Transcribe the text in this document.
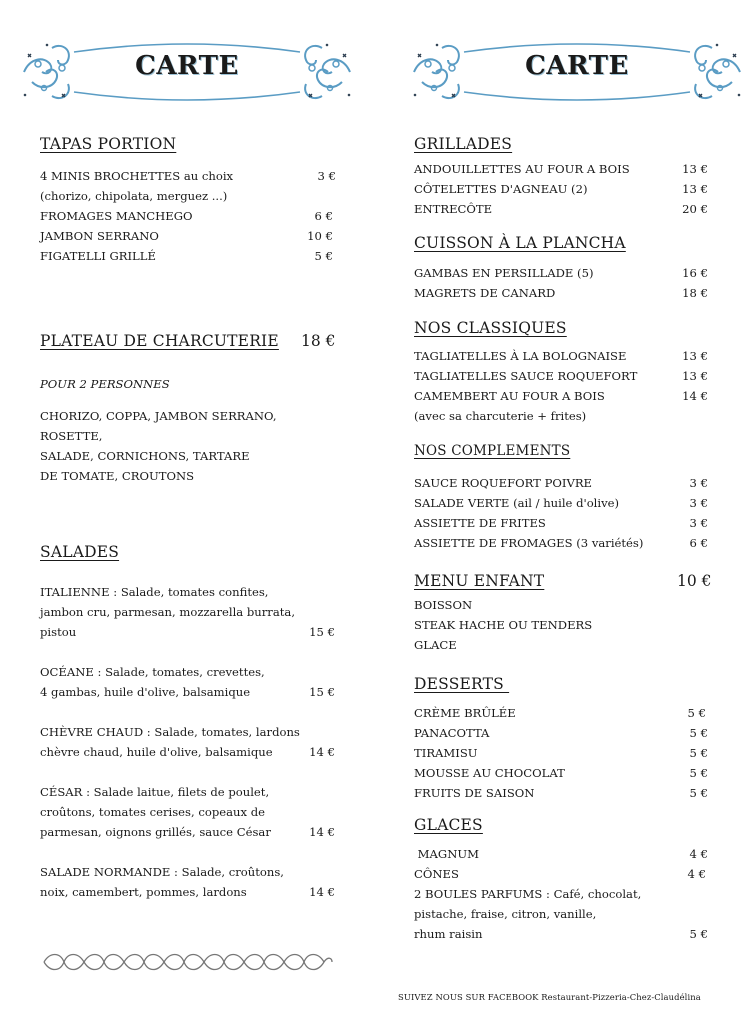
CARTE
TAPAS PORTION
4 MINIS BROCHETTES au choix	3 €
(chorizo, chipolata, merguez ...)
FROMAGES MANCHEGO	6 €
JAMBON SERRANO	10 €
FIGATELLI GRILLÉ	5 €
PLATEAU DE CHARCUTERIE 18 €
POUR 2 PERSONNES
CHORIZO, COPPA, JAMBON SERRANO,
ROSETTE,
SALADE, CORNICHONS, TARTARE
DE TOMATE, CROUTONS
SALADES
ITALIENNE : Salade, tomates confites,
jambon cru, parmesan, mozzarella burrata,
pistou	15 €
OCÉANE : Salade, tomates, crevettes,
4 gambas, huile d'olive, balsamique	15 €
CHÈVRE CHAUD : Salade, tomates, lardons
chèvre chaud, huile d'olive, balsamique	14 €
CÉSAR : Salade laitue, filets de poulet,
croûtons, tomates cerises, copeaux de
parmesan, oignons grillés, sauce César	14 €
SALADE NORMANDE : Salade, croûtons,
noix, camembert, pommes, lardons	14 €
CARTE
GRILLADES
ANDOUILLETTES AU FOUR A BOIS	13 €
CÔTELETTES D'AGNEAU (2)	13 €
ENTRECÔTE	20 €
CUISSON À LA PLANCHA
GAMBAS EN PERSILLADE (5)	16 €
MAGRETS DE CANARD	18 €
NOS CLASSIQUES
TAGLIATELLES À LA BOLOGNAISE	13 €
TAGLIATELLES SAUCE ROQUEFORT	13 €
CAMEMBERT AU FOUR A BOIS	14 €
(avec sa charcuterie + frites)
NOS COMPLEMENTS
SAUCE ROQUEFORT POIVRE	3 €
SALADE VERTE (ail / huile d'olive)	3 €
ASSIETTE DE FRITES	3 €
ASSIETTE DE FROMAGES (3 variétés)	6 €
MENU ENFANT	10 €
BOISSON
STEAK HACHE OU TENDERS
GLACE
DESSERTS
CRÈME BRÛLÉE	5 €
PANACOTTA	5 €
TIRAMISU	5 €
MOUSSE AU CHOCOLAT	5 €
FRUITS DE SAISON	5 €
GLACES
MAGNUM	4 €
CÔNES	4 €
2 BOULES PARFUMS : Café, chocolat,
pistache, fraise, citron, vanille,
rhum raisin	5 €
SUIVEZ NOUS SUR FACEBOOK Restaurant-Pizzeria-Chez-Claudélina
